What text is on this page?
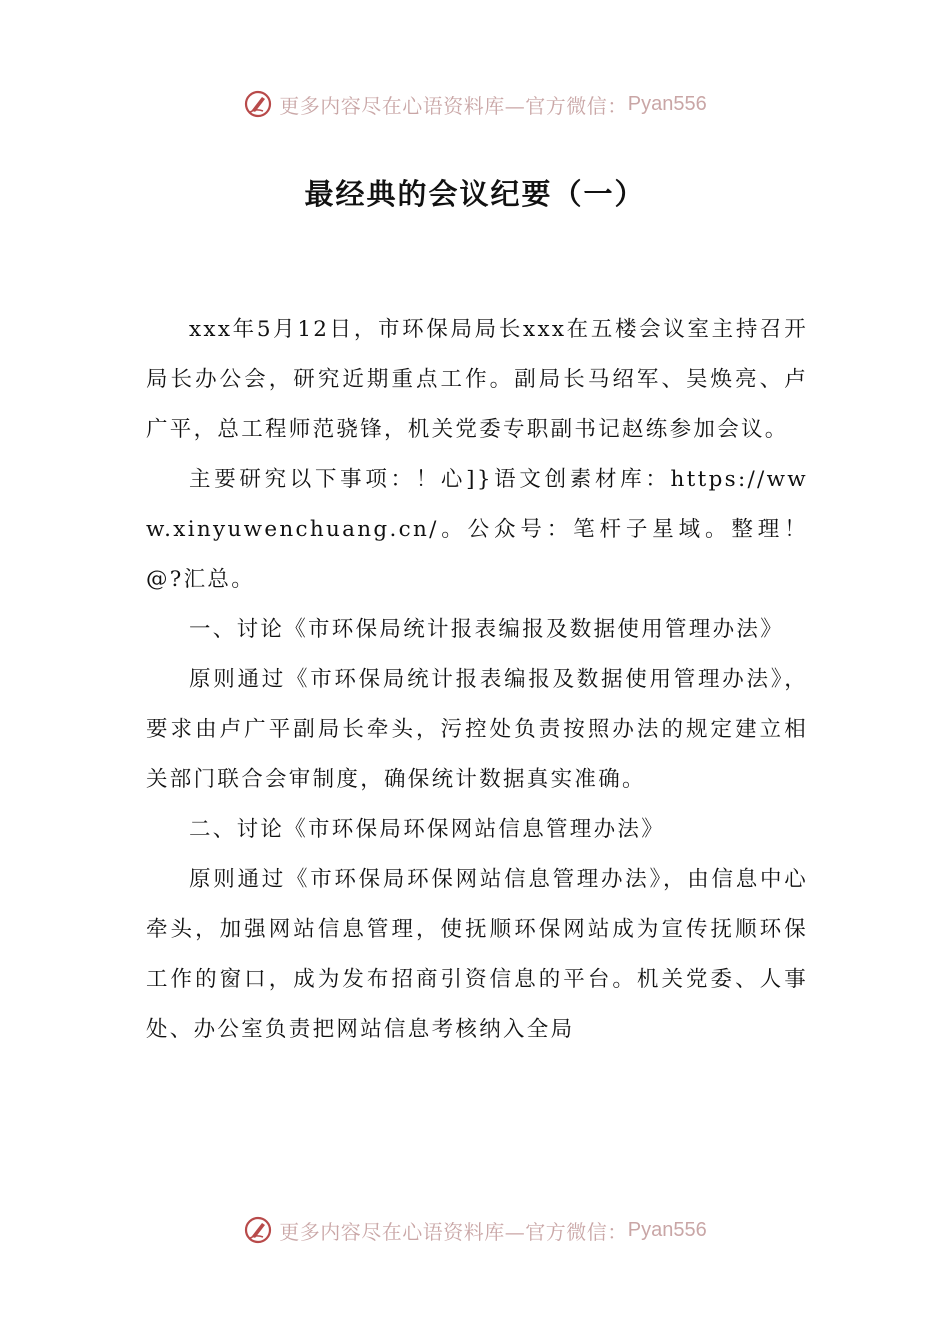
更多内容尽在心语资料库—官方微信： Pyan556
最经典的会议纪要（一）

xxx年5月12日，市环保局局长xxx在五楼会议室主持召开局长办公会，研究近期重点工作。副局长马绍军、吴焕亮、卢广平，总工程师范骁锋，机关党委专职副书记赵练参加会议。

主要研究以下事项：！心]}语文创素材库：https://www.xinyuwenchuang.cn/。公众号：笔杆子星域。整理！@?汇总。

一、讨论《市环保局统计报表编报及数据使用管理办法》

原则通过《市环保局统计报表编报及数据使用管理办法》，要求由卢广平副局长牵头，污控处负责按照办法的规定建立相关部门联合会审制度，确保统计数据真实准确。

二、讨论《市环保局环保网站信息管理办法》

原则通过《市环保局环保网站信息管理办法》，由信息中心牵头，加强网站信息管理，使抚顺环保网站成为宣传抚顺环保工作的窗口，成为发布招商引资信息的平台。机关党委、人事处、办公室负责把网站信息考核纳入全局

更多内容尽在心语资料库—官方微信： Pyan556
